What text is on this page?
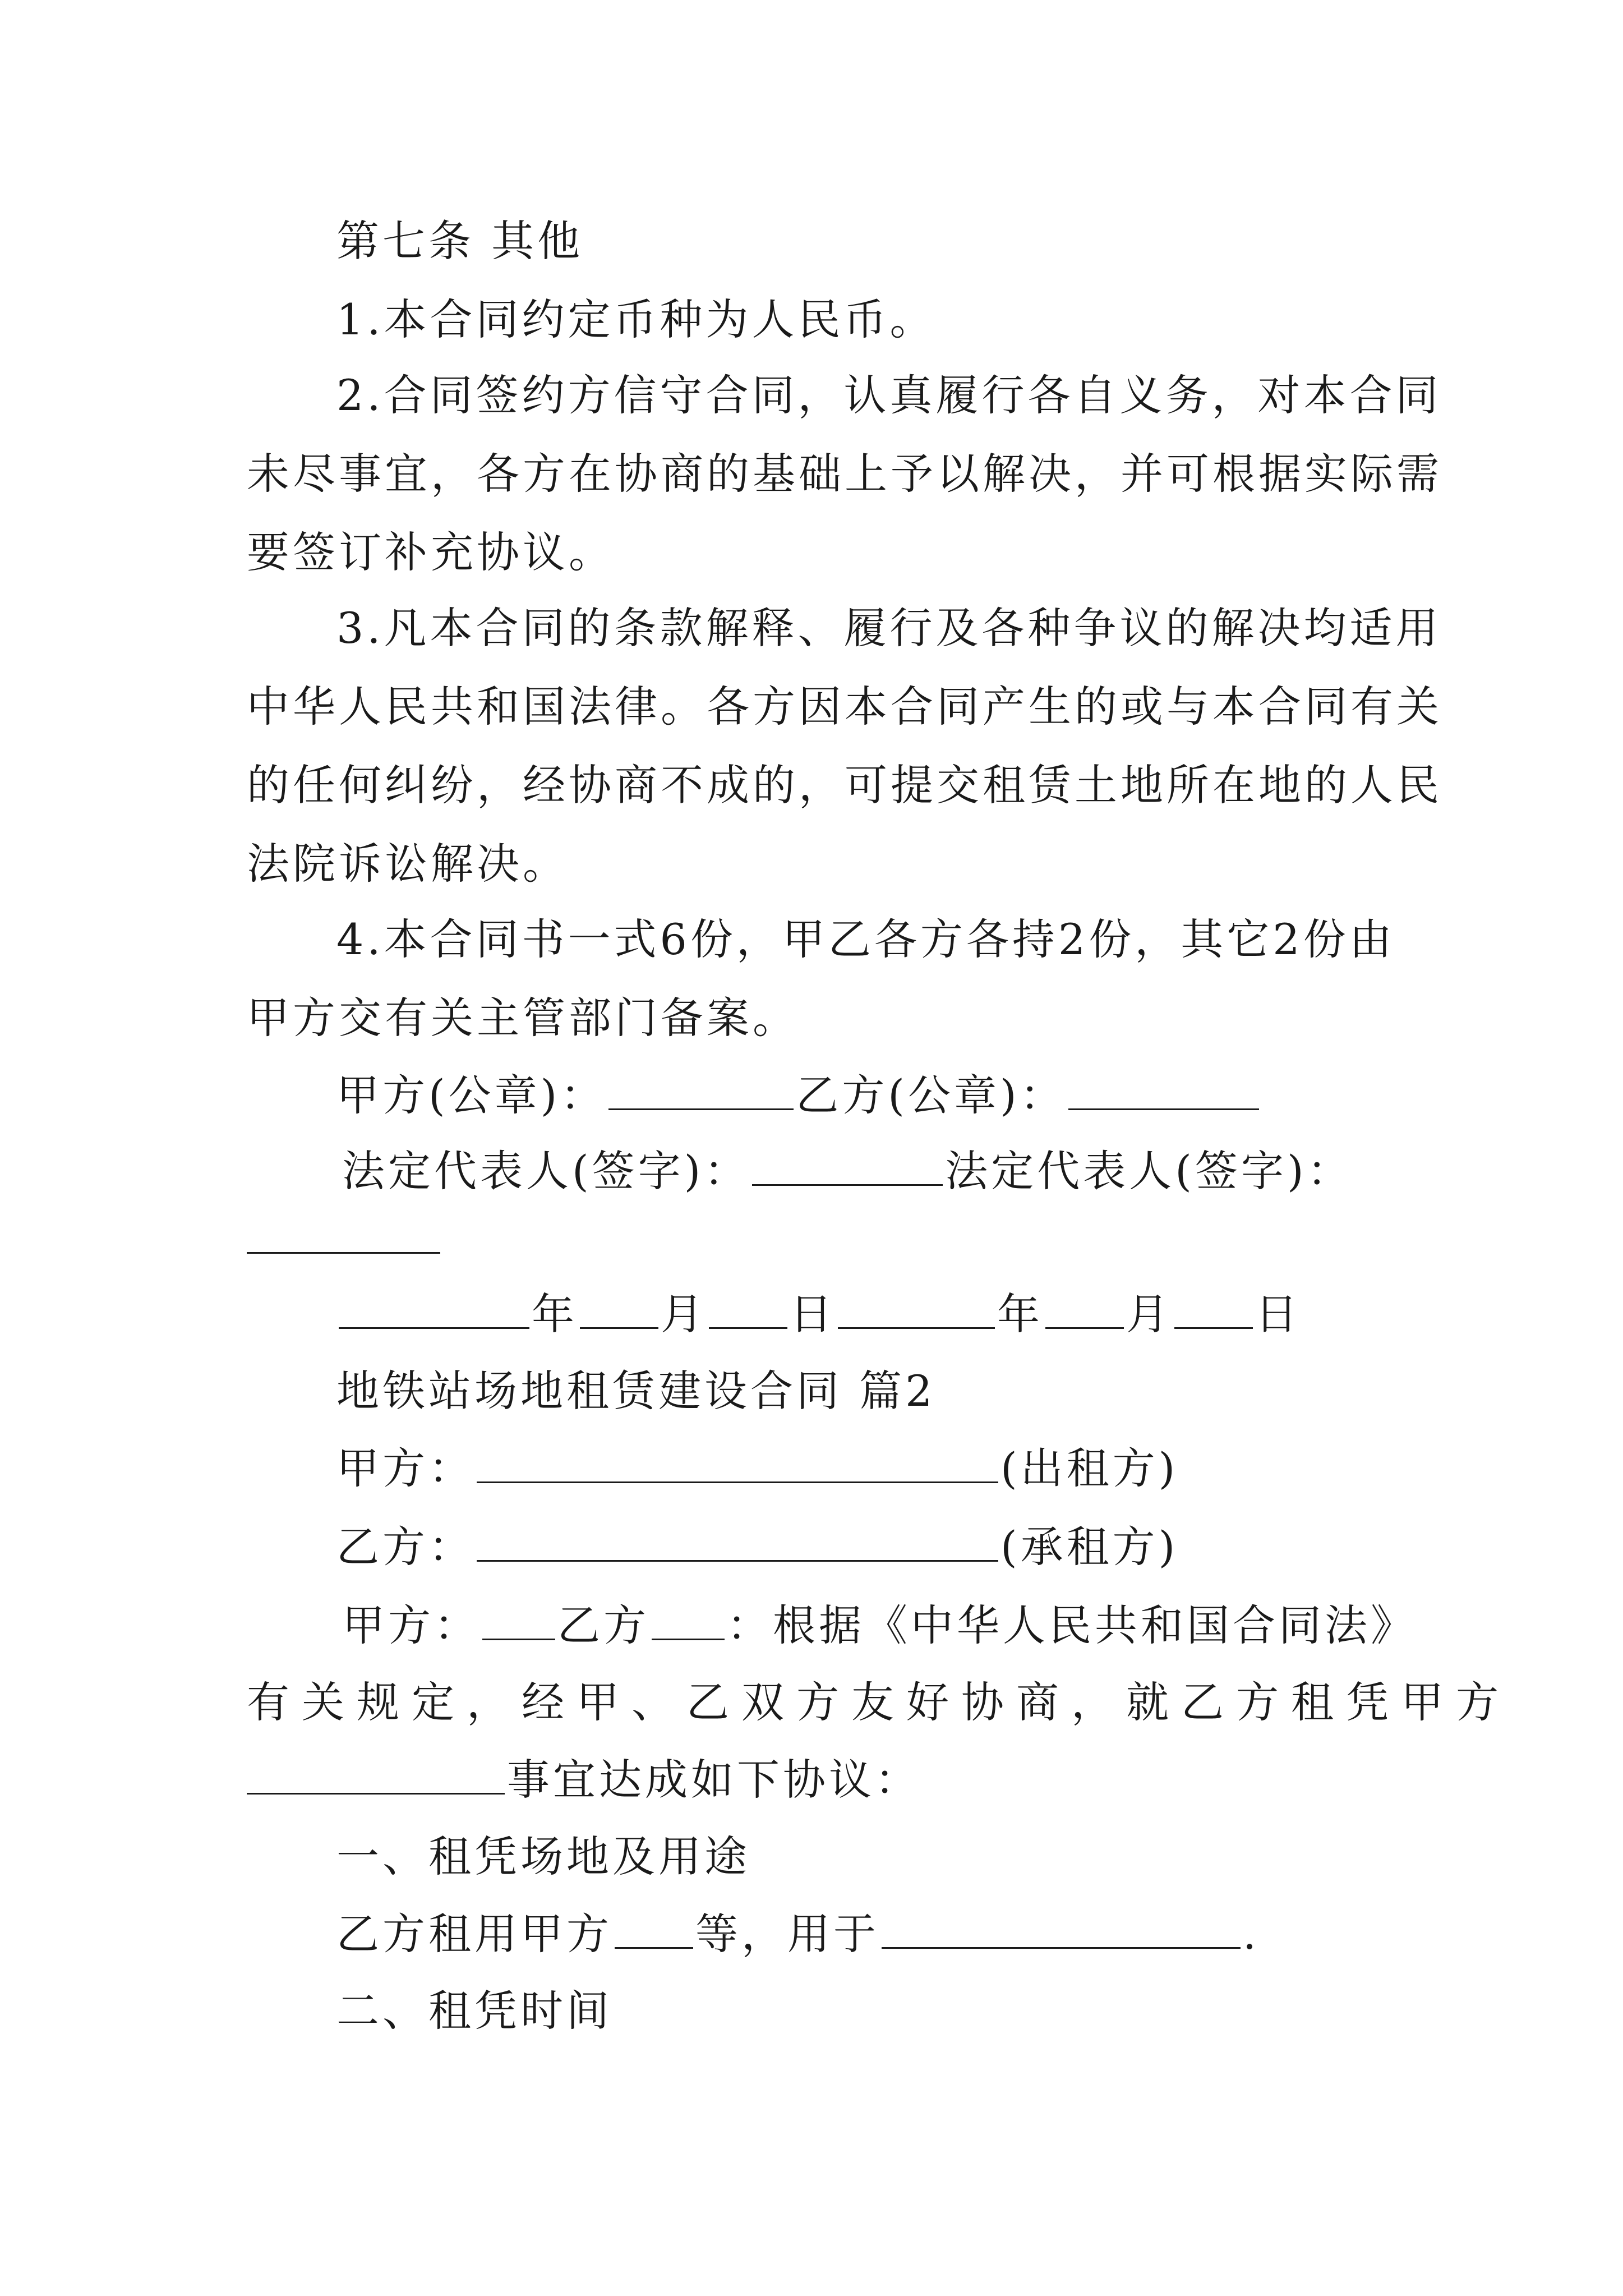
第七条 其他
1.本合同约定币种为人民币。
2.合同签约方信守合同，认真履行各自义务，对本合同
未尽事宜，各方在协商的基础上予以解决，并可根据实际需
要签订补充协议。
3.凡本合同的条款解释、履行及各种争议的解决均适用
中华人民共和国法律。各方因本合同产生的或与本合同有关
的任何纠纷，经协商不成的，可提交租赁土地所在地的人民
法院诉讼解决。
4.本合同书一式6份，甲乙各方各持2份，其它2份由
甲方交有关主管部门备案。
甲方(公章)：	乙方(公章)：
法定代表人(签字)：	法定代表人(签字)：
年 月 日	年 月 日
地铁站场地租赁建设合同 篇2
甲方：	(出租方)
乙方：	(承租方)
甲方： 乙方 ：根据《中华人民共和国合同法》
有关规定，经甲、乙双方友好协商，就乙方租凭甲方
事宜达成如下协议：
一、租凭场地及用途
乙方租用甲方 等，用于	.
二、租凭时间
